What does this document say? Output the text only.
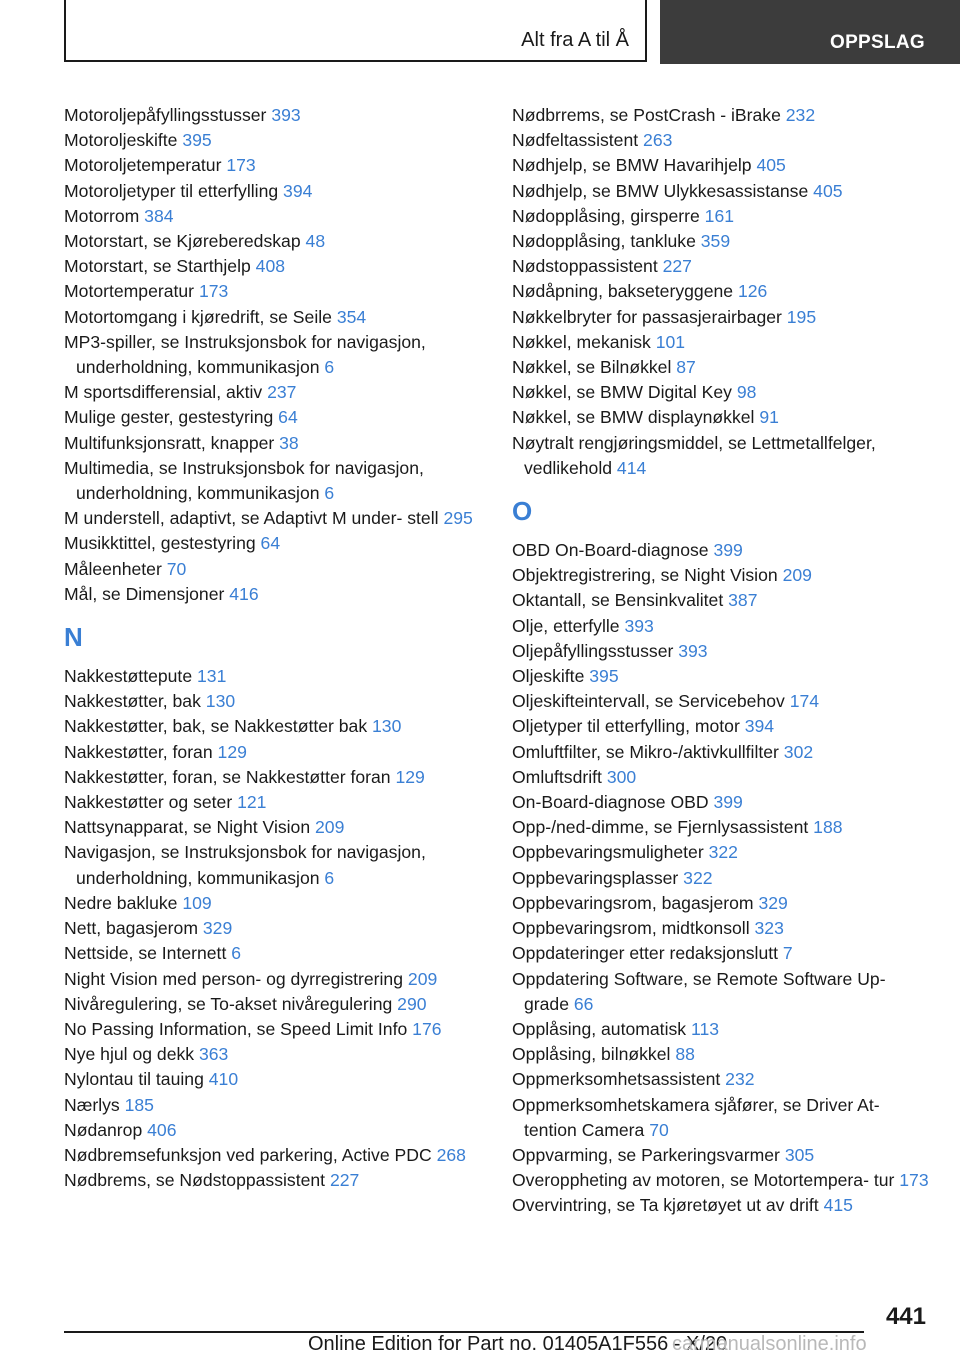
Alt fra A til Å	OPPSLAG
Motoroljepåfyllingsstusser 393
Motoroljeskifte 395
Motoroljetemperatur 173
Motoroljetyper til etterfylling 394
Motorrom 384
Motorstart, se Kjøreberedskap 48
Motorstart, se Starthjelp 408
Motortemperatur 173
Motortomgang i kjøredrift, se Seile 354
MP3-spiller, se Instruksjonsbok for navigasjon, underholdning, kommunikasjon 6
M sportsdifferensial, aktiv 237
Mulige gester, gestestyring 64
Multifunksjonsratt, knapper 38
Multimedia, se Instruksjonsbok for navigasjon, underholdning, kommunikasjon 6
M understell, adaptivt, se Adaptivt M under‐ stell 295
Musikktittel, gestestyring 64
Måleenheter 70
Mål, se Dimensjoner 416
N
Nakkestøttepute 131
Nakkestøtter, bak 130
Nakkestøtter, bak, se Nakkestøtter bak 130
Nakkestøtter, foran 129
Nakkestøtter, foran, se Nakkestøtter foran 129
Nakkestøtter og seter 121
Nattsynapparat, se Night Vision 209
Navigasjon, se Instruksjonsbok for navigasjon, underholdning, kommunikasjon 6
Nedre bakluke 109
Nett, bagasjerom 329
Nettside, se Internett 6
Night Vision med person- og dyrregistrering 209
Nivåregulering, se To-akset nivåregulering 290
No Passing Information, se Speed Limit Info 176
Nye hjul og dekk 363
Nylontau til tauing 410
Nærlys 185
Nødanrop 406
Nødbremsefunksjon ved parkering, Active PDC 268
Nødbrems, se Nødstoppassistent 227
Nødbrrems, se PostCrash - iBrake 232
Nødfeltassistent 263
Nødhjelp, se BMW Havarihjelp 405
Nødhjelp, se BMW Ulykkesassistanse 405
Nødopplåsing, girsperre 161
Nødopplåsing, tankluke 359
Nødstoppassistent 227
Nødåpning, bakseteryggene 126
Nøkkelbryter for passasjerairbager 195
Nøkkel, mekanisk 101
Nøkkel, se Bilnøkkel 87
Nøkkel, se BMW Digital Key 98
Nøkkel, se BMW displaynøkkel 91
Nøytralt rengjøringsmiddel, se Lettmetallfelger, vedlikehold 414
O
OBD On-Board-diagnose 399
Objektregistrering, se Night Vision 209
Oktantall, se Bensinkvalitet 387
Olje, etterfylle 393
Oljepåfyllingsstusser 393
Oljeskifte 395
Oljeskifteintervall, se Servicebehov 174
Oljetyper til etterfylling, motor 394
Omluftfilter, se Mikro-/aktivkullfilter 302
Omluftsdrift 300
On-Board-diagnose OBD 399
Opp-/ned-dimme, se Fjernlysassistent 188
Oppbevaringsmuligheter 322
Oppbevaringsplasser 322
Oppbevaringsrom, bagasjerom 329
Oppbevaringsrom, midtkonsoll 323
Oppdateringer etter redaksjonslutt 7
Oppdatering Software, se Remote Software Up‐ grade 66
Opplåsing, automatisk 113
Opplåsing, bilnøkkel 88
Oppmerksomhetsassistent 232
Oppmerksomhetskamera sjåfører, se Driver At‐ tention Camera 70
Oppvarming, se Parkeringsvarmer 305
Overoppheting av motoren, se Motortempera‐ tur 173
Overvintring, se Ta kjøretøyet ut av drift 415
441
Online Edition for Part no. 01405A1F556 - X/20
carmanualsonline.info
